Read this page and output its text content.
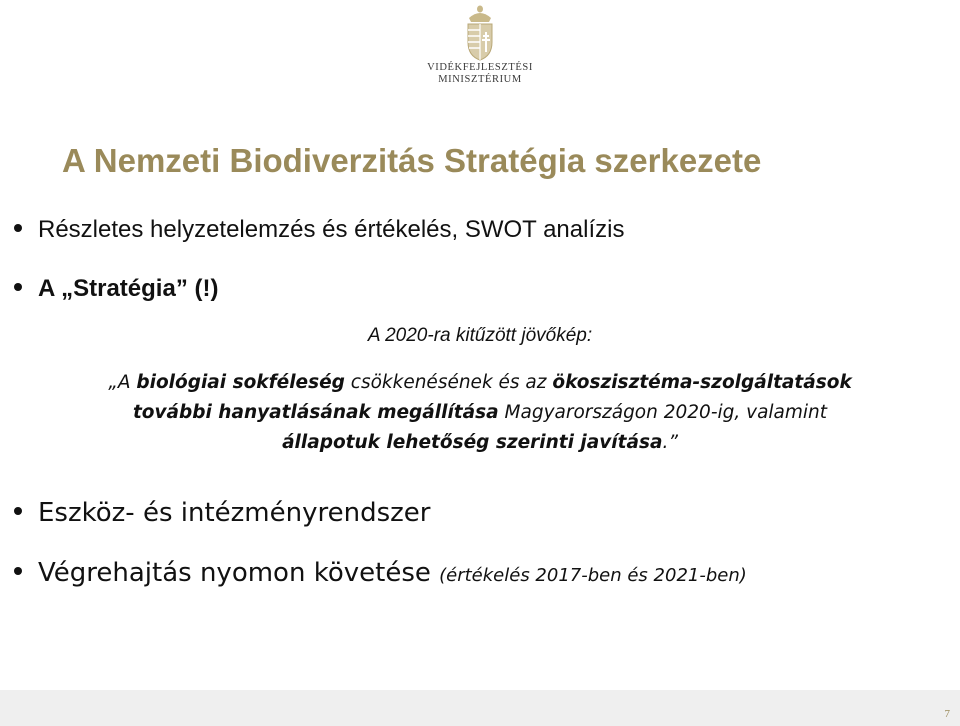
VIDÉKFEJLESZTÉSI
MINISZTÉRIUM
A Nemzeti Biodiverzitás Stratégia szerkezete
Részletes helyzetelemzés és értékelés, SWOT analízis
A „Stratégia” (!)
A 2020-ra kitűzött jövőkép:
„A biológiai sokféleség csökkenésének és az ökoszisztéma-szolgáltatások
további hanyatlásának megállítása Magyarországon 2020-ig, valamint
állapotuk lehetőség szerinti javítása.”
Eszköz- és intézményrendszer
Végrehajtás nyomon követése (értékelés 2017-ben és 2021-ben)
7
